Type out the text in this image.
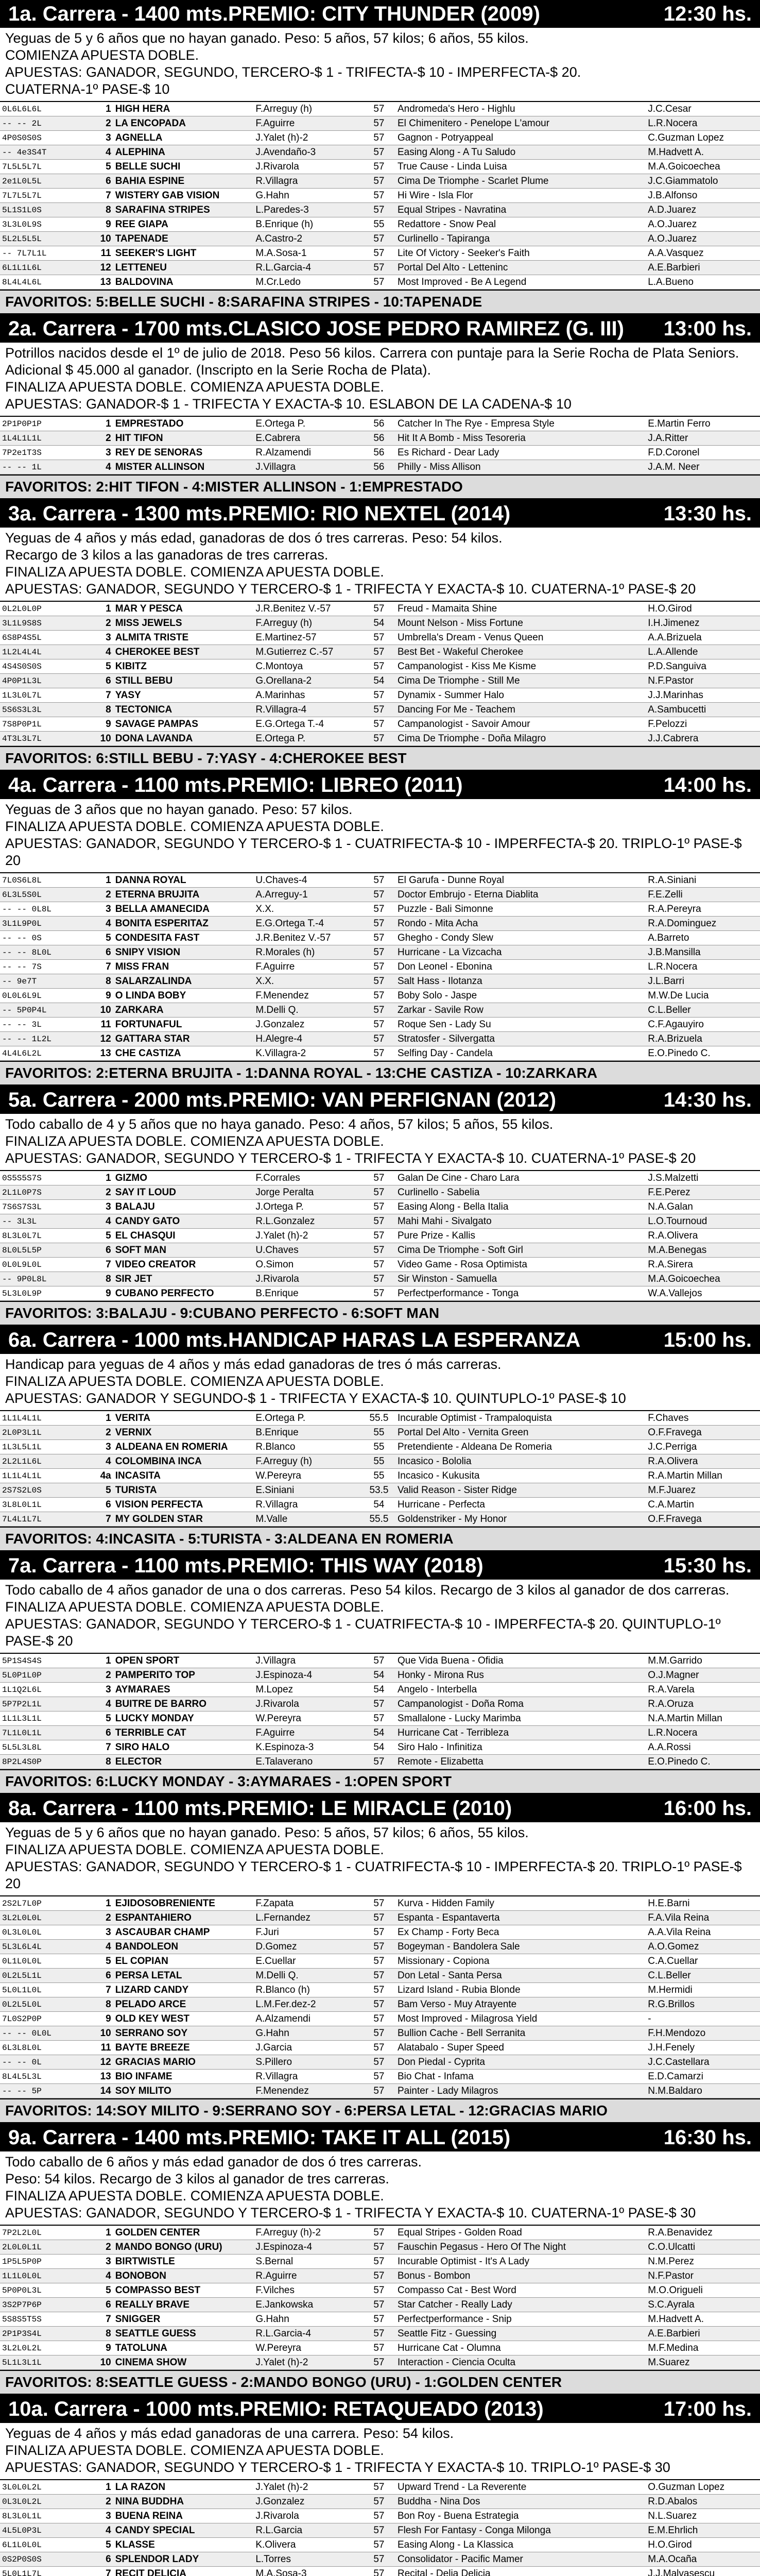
1a. Carrera - 1400 mts.PREMIO: CITY THUNDER (2009)	12:30 hs.
Yeguas de 5 y 6 años que no hayan ganado. Peso: 5 años, 57 kilos; 6 años, 55 kilos.
COMIENZA APUESTA DOBLE.
APUESTAS: GANADOR, SEGUNDO, TERCERO-$ 1 - TRIFECTA-$ 10 - IMPERFECTA-$ 20.
CUATERNA-1º PASE-$ 10
0L6L6L6L	1	HIGH HERA	F.Arreguy (h)	57	Andromeda's Hero - Highlu	J.C.Cesar
-- -- 2L	2	LA ENCOPADA	F.Aguirre	57	El Chimenitero - Penelope L'amour	L.R.Nocera
4P0S0S0S	3	AGNELLA	J.Yalet (h)-2	57	Gagnon - Potryappeal	C.Guzman Lopez
-- 4e3S4T	4	ALEPHINA	J.Avendaño-3	57	Easing Along - A Tu Saludo	M.Hadvett A.
7L5L5L7L	5	BELLE SUCHI	J.Rivarola	57	True Cause - Linda Luisa	M.A.Goicoechea
2e1L0L5L	6	BAHIA ESPINE	R.Villagra	57	Cima De Triomphe - Scarlet Plume	J.C.Giammatolo
7L7L5L7L	7	WISTERY GAB VISION	G.Hahn	57	Hi Wire - Isla Flor	J.B.Alfonso
5L1S1L0S	8	SARAFINA STRIPES	L.Paredes-3	57	Equal Stripes - Navratina	A.D.Juarez
3L3L0L9S	9	REE GIAPA	B.Enrique (h)	55	Redattore - Snow Peal	A.O.Juarez
5L2L5L5L	10	TAPENADE	A.Castro-2	57	Curlinello - Tapiranga	A.O.Juarez
-- 7L7L1L	11	SEEKER'S LIGHT	M.A.Sosa-1	57	Lite Of Victory - Seeker's Faith	A.A.Vasquez
6L1L1L6L	12	LETTENEU	R.L.Garcia-4	57	Portal Del Alto - Letteninc	A.E.Barbieri
8L4L4L6L	13	BALDOVINA	M.Cr.Ledo	57	Most Improved - Be A Legend	L.A.Bueno
FAVORITOS: 5:BELLE SUCHI - 8:SARAFINA STRIPES - 10:TAPENADE
2a. Carrera - 1700 mts.CLASICO JOSE PEDRO RAMIREZ (G. III)	13:00 hs.
Potrillos nacidos desde el 1º de julio de 2018. Peso 56 kilos. Carrera con puntaje para la Serie Rocha de Plata Seniors. Adicional $ 45.000 al ganador. (Inscripto en la Serie Rocha de Plata).
FINALIZA APUESTA DOBLE. COMIENZA APUESTA DOBLE.
APUESTAS: GANADOR-$ 1 - TRIFECTA Y EXACTA-$ 10. ESLABON DE LA CADENA-$ 10
2P1P0P1P	1	EMPRESTADO	E.Ortega P.	56	Catcher In The Rye - Empresa Style	E.Martin Ferro
1L4L1L1L	2	HIT TIFON	E.Cabrera	56	Hit It A Bomb - Miss Tesoreria	J.A.Ritter
7P2e1T3S	3	REY DE SENORAS	R.Alzamendi	56	Es Richard - Dear Lady	F.D.Coronel
-- -- 1L	4	MISTER ALLINSON	J.Villagra	56	Philly - Miss Allison	J.A.M. Neer
FAVORITOS: 2:HIT TIFON - 4:MISTER ALLINSON - 1:EMPRESTADO
3a. Carrera - 1300 mts.PREMIO: RIO NEXTEL (2014)	13:30 hs.
Yeguas de 4 años y más edad, ganadoras de dos ó tres carreras. Peso: 54 kilos.
Recargo de 3 kilos a las ganadoras de tres carreras.
FINALIZA APUESTA DOBLE. COMIENZA APUESTA DOBLE.
APUESTAS: GANADOR, SEGUNDO Y TERCERO-$ 1 - TRIFECTA Y EXACTA-$ 10. CUATERNA-1º PASE-$ 20
0L2L0L0P	1	MAR Y PESCA	J.R.Benitez V.-57	57	Freud - Mamaita Shine	H.O.Girod
3L1L9S8S	2	MISS JEWELS	F.Arreguy (h)	54	Mount Nelson - Miss Fortune	I.H.Jimenez
6S8P4S5L	3	ALMITA TRISTE	E.Martinez-57	57	Umbrella's Dream - Venus Queen	A.A.Brizuela
1L2L4L4L	4	CHEROKEE BEST	M.Gutierrez C.-57	57	Best Bet - Wakeful Cherokee	L.A.Allende
4S4S0S0S	5	KIBITZ	C.Montoya	57	Campanologist - Kiss Me Kisme	P.D.Sanguiva
4P0P1L3L	6	STILL BEBU	G.Orellana-2	54	Cima De Triomphe - Still Me	N.F.Pastor
1L3L0L7L	7	YASY	A.Marinhas	57	Dynamix - Summer Halo	J.J.Marinhas
5S6S3L3L	8	TECTONICA	R.Villagra-4	57	Dancing For Me - Teachem	A.Sambucetti
7S8P0P1L	9	SAVAGE PAMPAS	E.G.Ortega T.-4	57	Campanologist - Savoir Amour	F.Pelozzi
4T3L3L7L	10	DONA LAVANDA	E.Ortega P.	57	Cima De Triomphe - Doña Milagro	J.J.Cabrera
FAVORITOS: 6:STILL BEBU - 7:YASY - 4:CHEROKEE BEST
4a. Carrera - 1100 mts.PREMIO: LIBREO (2011)	14:00 hs.
Yeguas de 3 años que no hayan ganado. Peso: 57 kilos.
FINALIZA APUESTA DOBLE. COMIENZA APUESTA DOBLE.
APUESTAS: GANADOR, SEGUNDO Y TERCERO-$ 1 - CUATRIFECTA-$ 10 - IMPERFECTA-$ 20. TRIPLO-1º PASE-$ 20
7L0S6L8L	1	DANNA ROYAL	U.Chaves-4	57	El Garufa - Dunne Royal	R.A.Siniani
6L3L5S0L	2	ETERNA BRUJITA	A.Arreguy-1	57	Doctor Embrujo - Eterna Diablita	F.E.Zelli
-- -- 0L8L	3	BELLA AMANECIDA	X.X.	57	Puzzle - Bali Simonne	R.A.Pereyra
3L1L9P0L	4	BONITA ESPERITAZ	E.G.Ortega T.-4	57	Rondo - Mita Acha	R.A.Dominguez
-- -- 0S	5	CONDESITA FAST	J.R.Benitez V.-57	57	Ghegho - Condy Slew	A.Barreto
-- -- 8L0L	6	SNIPY VISION	R.Morales (h)	57	Hurricane - La Vizcacha	J.B.Mansilla
-- -- 7S	7	MISS FRAN	F.Aguirre	57	Don Leonel - Ebonina	L.R.Nocera
-- 9e7T	8	SALARZALINDA	X.X.	57	Salt Hass - Ilotanza	J.L.Barri
0L0L6L9L	9	O LINDA BOBY	F.Menendez	57	Boby Solo - Jaspe	M.W.De Lucia
-- 5P0P4L	10	ZARKARA	M.Delli Q.	57	Zarkar - Savile Row	C.L.Beller
-- -- 3L	11	FORTUNAFUL	J.Gonzalez	57	Roque Sen - Lady Su	C.F.Agauyiro
-- -- 1L2L	12	GATTARA STAR	H.Alegre-4	57	Stratosfer - Silvergatta	R.A.Brizuela
4L4L6L2L	13	CHE CASTIZA	K.Villagra-2	57	Selfing Day - Candela	E.O.Pinedo C.
FAVORITOS: 2:ETERNA BRUJITA - 1:DANNA ROYAL - 13:CHE CASTIZA - 10:ZARKARA
5a. Carrera - 2000 mts.PREMIO: VAN PERFIGNAN (2012)	14:30 hs.
Todo caballo de 4 y 5 años que no haya ganado. Peso: 4 años, 57 kilos; 5 años, 55 kilos.
FINALIZA APUESTA DOBLE. COMIENZA APUESTA DOBLE.
APUESTAS: GANADOR, SEGUNDO Y TERCERO-$ 1 - TRIFECTA Y EXACTA-$ 10. CUATERNA-1º PASE-$ 20
0S5S5S7S	1	GIZMO	F.Corrales	57	Galan De Cine - Charo Lara	J.S.Malzetti
2L1L0P7S	2	SAY IT LOUD	Jorge Peralta	57	Curlinello - Sabelia	F.E.Perez
7S6S7S3L	3	BALAJU	J.Ortega P.	57	Easing Along - Bella Italia	N.A.Galan
-- 3L3L	4	CANDY GATO	R.L.Gonzalez	57	Mahi Mahi - Sivalgato	L.O.Tournoud
8L3L0L7L	5	EL CHASQUI	J.Yalet (h)-2	57	Pure Prize - Kallis	R.A.Olivera
8L0L5L5P	6	SOFT MAN	U.Chaves	57	Cima De Triomphe - Soft Girl	M.A.Benegas
0L0L9L0L	7	VIDEO CREATOR	O.Simon	57	Video Game - Rosa Optimista	R.A.Sirera
-- 9P0L8L	8	SIR JET	J.Rivarola	57	Sir Winston - Samuella	M.A.Goicoechea
5L3L0L9P	9	CUBANO PERFECTO	B.Enrique	57	Perfectperformance - Tonga	W.A.Vallejos
FAVORITOS: 3:BALAJU - 9:CUBANO PERFECTO - 6:SOFT MAN
6a. Carrera - 1000 mts.HANDICAP HARAS LA ESPERANZA	15:00 hs.
Handicap para yeguas de 4 años y más edad ganadoras de tres ó más carreras.
FINALIZA APUESTA DOBLE. COMIENZA APUESTA DOBLE.
APUESTAS: GANADOR Y SEGUNDO-$ 1 - TRIFECTA Y EXACTA-$ 10. QUINTUPLO-1º PASE-$ 10
1L1L4L1L	1	VERITA	E.Ortega P.	55.5	Incurable Optimist - Trampaloquista	F.Chaves
2L0P3L1L	2	VERNIX	B.Enrique	55	Portal Del Alto - Vernita Green	O.F.Fravega
1L3L5L1L	3	ALDEANA EN ROMERIA	R.Blanco	55	Pretendiente - Aldeana De Romeria	J.C.Perriga
2L2L1L6L	4	COLOMBINA INCA	F.Arreguy (h)	55	Incasico - Bololia	R.A.Olivera
1L1L4L1L	4a	INCASITA	W.Pereyra	55	Incasico - Kukusita	R.A.Martin Millan
2S7S2L0S	5	TURISTA	E.Siniani	53.5	Valid Reason - Sister Ridge	M.F.Juarez
3L8L0L1L	6	VISION PERFECTA	R.Villagra	54	Hurricane - Perfecta	C.A.Martin
7L4L1L7L	7	MY GOLDEN STAR	M.Valle	55.5	Goldenstriker - My Honor	O.F.Fravega
FAVORITOS: 4:INCASITA - 5:TURISTA - 3:ALDEANA EN ROMERIA
7a. Carrera - 1100 mts.PREMIO: THIS WAY (2018)	15:30 hs.
Todo caballo de 4 años ganador de una o dos carreras. Peso 54 kilos. Recargo de 3 kilos al ganador de dos carreras.
FINALIZA APUESTA DOBLE. COMIENZA APUESTA DOBLE.
APUESTAS: GANADOR, SEGUNDO Y TERCERO-$ 1 - CUATRIFECTA-$ 10 - IMPERFECTA-$ 20. QUINTUPLO-1º PASE-$ 20
5P1S4S4S	1	OPEN SPORT	J.Villagra	57	Que Vida Buena - Ofidia	M.M.Garrido
5L0P1L0P	2	PAMPERITO TOP	J.Espinoza-4	54	Honky - Mirona Rus	O.J.Magner
1L1Q2L6L	3	AYMARAES	M.Lopez	54	Angelo - Interbella	R.A.Varela
5P7P2L1L	4	BUITRE DE BARRO	J.Rivarola	57	Campanologist - Doña Roma	R.A.Oruza
1L1L3L1L	5	LUCKY MONDAY	W.Pereyra	57	Smallalone - Lucky Marimba	N.A.Martin Millan
7L1L0L1L	6	TERRIBLE CAT	F.Aguirre	54	Hurricane Cat - Terribleza	L.R.Nocera
5L5L3L8L	7	SIRO HALO	K.Espinoza-3	54	Siro Halo - Infinitiza	A.A.Rossi
8P2L4S0P	8	ELECTOR	E.Talaverano	57	Remote - Elizabetta	E.O.Pinedo C.
FAVORITOS: 6:LUCKY MONDAY - 3:AYMARAES - 1:OPEN SPORT
8a. Carrera - 1100 mts.PREMIO: LE MIRACLE (2010)	16:00 hs.
Yeguas de 5 y 6 años que no hayan ganado. Peso: 5 años, 57 kilos; 6 años, 55 kilos.
FINALIZA APUESTA DOBLE. COMIENZA APUESTA DOBLE.
APUESTAS: GANADOR, SEGUNDO Y TERCERO-$ 1 - CUATRIFECTA-$ 10 - IMPERFECTA-$ 20. TRIPLO-1º PASE-$ 20
2S2L7L0P	1	EJIDOSOBRENIENTE	F.Zapata	57	Kurva - Hidden Family	H.E.Barni
3L2L0L0L	2	ESPANTAHIERO	L.Fernandez	57	Espanta - Espantaverta	F.A.Vila Reina
0L3L0L0L	3	ASCAUBAR CHAMP	F.Juri	57	Ex Champ - Forty Beca	A.A.Vila Reina
5L3L6L4L	4	BANDOLEON	D.Gomez	57	Bogeyman - Bandolera Sale	A.O.Gomez
0L1L0L0L	5	EL COPIAN	E.Cuellar	57	Missionary - Copiona	C.A.Cuellar
0L2L5L1L	6	PERSA LETAL	M.Delli Q.	57	Don Letal - Santa Persa	C.L.Beller
5L0L1L0L	7	LIZARD CANDY	R.Blanco (h)	57	Lizard Island - Rubia Blonde	M.Hermidi
0L2L5L0L	8	PELADO ARCE	L.M.Fer.dez-2	57	Bam Verso - Muy Atrayente	R.G.Brillos
7L0S2P0P	9	OLD KEY WEST	A.Alzamendi	57	Most Improved - Milagrosa Yield	-
-- -- 0L0L	10	SERRANO SOY	G.Hahn	57	Bullion Cache - Bell Serranita	F.H.Mendozo
6L3L8L0L	11	BAYTE BREEZE	J.Garcia	57	Alatabalo - Super Speed	J.H.Fenely
-- -- 0L	12	GRACIAS MARIO	S.Pillero	57	Don Piedal - Cyprita	J.C.Castellara
8L4L5L3L	13	BIO INFAME	R.Villagra	57	Bio Chat - Infama	E.D.Camarzi
-- -- 5P	14	SOY MILITO	F.Menendez	57	Painter - Lady Milagros	N.M.Baldaro
FAVORITOS: 14:SOY MILITO - 9:SERRANO SOY - 6:PERSA LETAL - 12:GRACIAS MARIO
9a. Carrera - 1400 mts.PREMIO: TAKE IT ALL (2015)	16:30 hs.
Todo caballo de 6 años y más edad ganador de dos ó tres carreras.
Peso: 54 kilos. Recargo de 3 kilos al ganador de tres carreras.
FINALIZA APUESTA DOBLE. COMIENZA APUESTA DOBLE.
APUESTAS: GANADOR, SEGUNDO Y TERCERO-$ 1 - TRIFECTA Y EXACTA-$ 10. CUATERNA-1º PASE-$ 30
7P2L2L0L	1	GOLDEN CENTER	F.Arreguy (h)-2	57	Equal Stripes - Golden Road	R.A.Benavidez
2L0L0L1L	2	MANDO BONGO (URU)	J.Espinoza-4	57	Fauschin Pegasus - Hero Of The Night	C.O.Ulcatti
1P5L5P0P	3	BIRTWISTLE	S.Bernal	57	Incurable Optimist - It's A Lady	N.M.Perez
1L1L0L0L	4	BONOBON	R.Aguirre	57	Bonus - Bombon	N.F.Pastor
5P0P0L3L	5	COMPASSO BEST	F.Vilches	57	Compasso Cat - Best Word	M.O.Origueli
3S2P7P6P	6	REALLY BRAVE	E.Jankowska	57	Star Catcher - Really Lady	S.C.Ayrala
5S8S5T5S	7	SNIGGER	G.Hahn	57	Perfectperformance - Snip	M.Hadvett A.
2P1P3S4L	8	SEATTLE GUESS	R.L.Garcia-4	57	Seattle Fitz - Guessing	A.E.Barbieri
3L2L0L2L	9	TATOLUNA	W.Pereyra	57	Hurricane Cat - Olumna	M.F.Medina
5L1L3L1L	10	CINEMA SHOW	J.Yalet (h)-2	57	Interaction - Ciencia Oculta	M.Suarez
FAVORITOS: 8:SEATTLE GUESS - 2:MANDO BONGO (URU) - 1:GOLDEN CENTER
10a. Carrera - 1000 mts.PREMIO: RETAQUEADO (2013)	17:00 hs.
Yeguas de 4 años y más edad ganadoras de una carrera. Peso: 54 kilos.
FINALIZA APUESTA DOBLE. COMIENZA APUESTA DOBLE.
APUESTAS: GANADOR, SEGUNDO Y TERCERO-$ 1 - TRIFECTA Y EXACTA-$ 10. TRIPLO-1º PASE-$ 30
3L0L0L2L	1	LA RAZON	J.Yalet (h)-2	57	Upward Trend - La Reverente	O.Guzman Lopez
0L3L0L2L	2	NINA BUDDHA	J.Gonzalez	57	Buddha - Nina Dos	R.D.Abalos
8L3L0L1L	3	BUENA REINA	J.Rivarola	57	Bon Roy - Buena Estrategia	N.L.Suarez
4L5L0P3L	4	CANDY SPECIAL	R.L.Garcia	57	Flesh For Fantasy - Conga Milonga	E.M.Ehrlich
6L1L0L0L	5	KLASSE	K.Olivera	57	Easing Along - La Klassica	H.O.Girod
0S2P0S0S	6	SPLENDOR LADY	L.Torres	57	Consolidator - Pacific Mamer	M.A.Ocaña
5L0L1L7L	7	RECIT DELICIA	M.A.Sosa-3	57	Recital - Delia Delicia	J.J.Malvasescu
